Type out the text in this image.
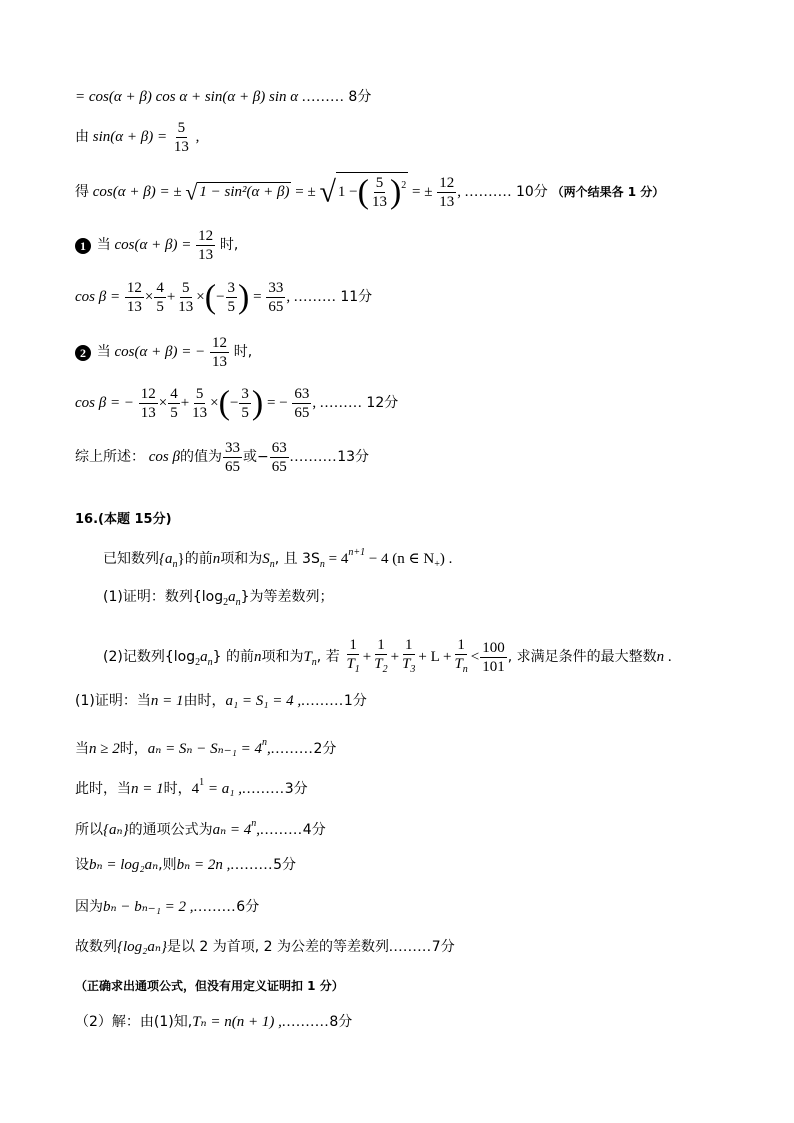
= cos(α + β) cos α + sin(α + β) sin α ......... 8分
由 $\sin(\alpha + \beta) = \frac{5}{13}$ ,
得 cos(α + β) = ± √ 1 − sin²(α + β) = ± √ 1 −( $\frac{5}{13} )^2$ = ± $\frac{12}{13}$ , .......... 10分 （两个结果各 1 分）
1 当 $\cos(\alpha + \beta) = \frac{12}{13}$ 时,
$\cos \beta = \frac{12}{13} \times \frac{4}{5} + \frac{5}{13}$ ×(− $\frac{3}{5}$ ) = $\frac{33}{65}$ , ......... 11分
2 当 cos(α + β) = − $\frac{12}{13}$ 时,
cos β = − $\frac{12}{13} \times \frac{4}{5} + \frac{5}{13}$ ×(− $\frac{3}{5}$ ) = − $\frac{63}{65}$ , ......... 12分
综上所述： cos β的值为 $\frac{33}{65}$ 或− $\frac{63}{65} ..........13$分
16.(本题 15分)
已知数列$\{a_n\}$的前n项和为$S_n$, 且 $3S_n = 4^{n+1} - 4$ (n ∈ $N_+$) .
(1)证明：数列$\{\log_2a_n\}$为等差数列；
(2)记数列$\{\log_2a_n\}$ 的前n项和为$T_n$, 若 $\frac{1}{T_1} + \frac{1}{T_2} + \frac{1}{T_3} + L + \frac{1}{T_n} < \frac{100}{101}$ , 求满足条件的最大整数n .
(1)证明：当n = 1由时，a₁ = S₁ = 4 ,.........1分
当n ≥ 2时，$a_n = S_n - S_{n-1} = 4^n,.........2$分
此时，当n = 1时，$4^1 = a_1$ ,.........3分
所以{aₙ}的通项公式为$a_n = 4^n,.........4$分
设bₙ = log₂aₙ,则bₙ = 2n ,.........5分
因为bₙ − bₙ₋₁ = 2 ,.........6分
故数列{log₂aₙ}是以 2 为首项, 2 为公差的等差数列.........7分
（正确求出通项公式，但没有用定义证明扣 1 分）
（2）解：由(1)知,Tₙ = n(n + 1) ,..........8分
